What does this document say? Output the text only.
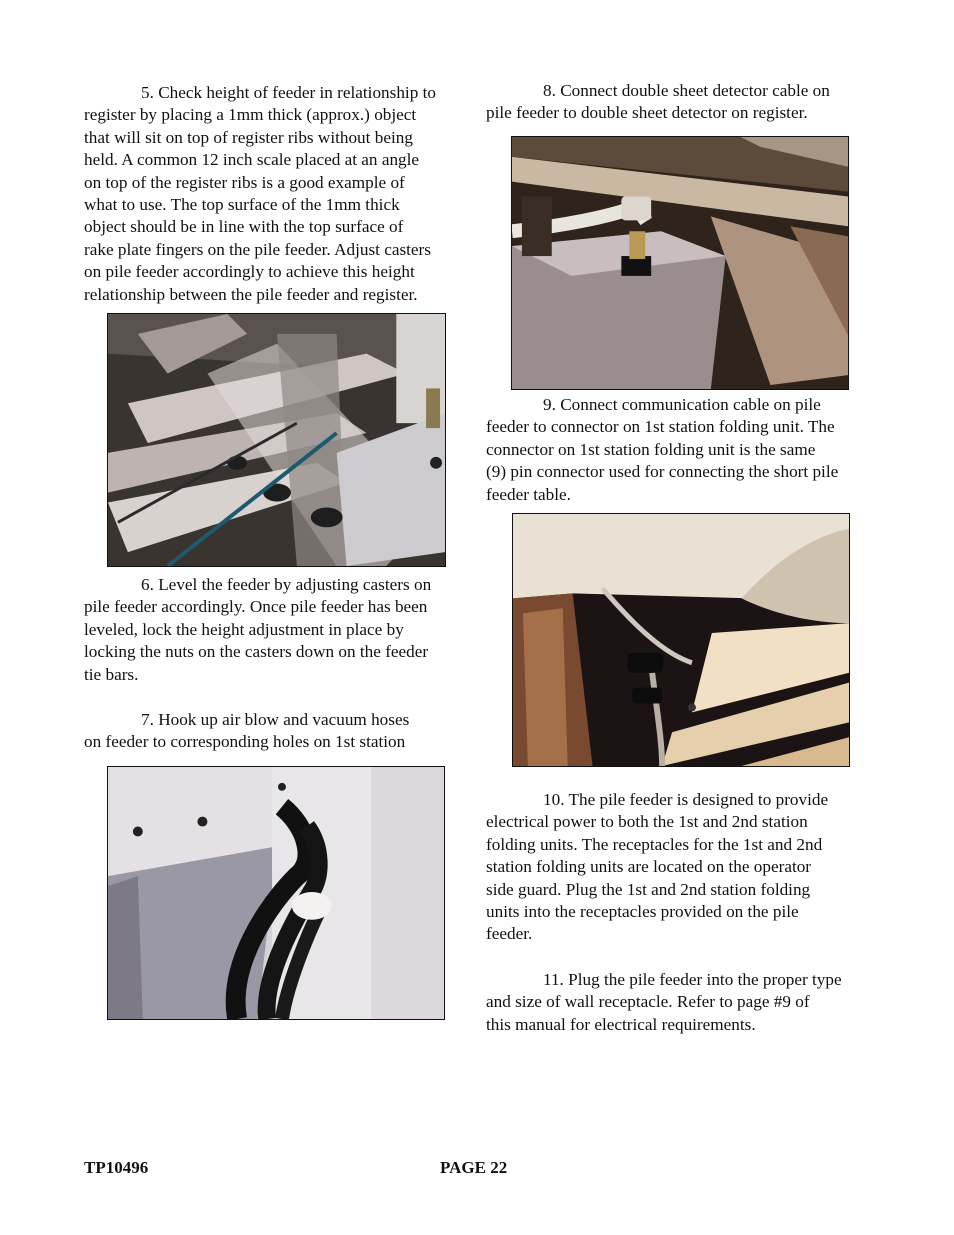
5. Check height of feeder in relationship to
register by placing a 1mm thick (approx.) object
that will sit on top of register ribs without being
held. A common 12 inch scale placed at an angle
on top of the register ribs is a good example of
what to use. The top surface of the 1mm thick
object should be in line with the top surface of
rake plate fingers on the pile feeder. Adjust casters
on pile feeder accordingly to achieve this height
relationship between the pile feeder and register.
6. Level the feeder by adjusting casters on
pile feeder accordingly. Once pile feeder has been
leveled, lock the height adjustment in place by
locking the nuts on the casters down on the feeder
tie bars.
7. Hook up air blow and vacuum hoses
on feeder to corresponding holes on 1st station
8. Connect double sheet detector cable on
pile feeder to double sheet detector on register.
9. Connect communication cable on pile
feeder to connector on 1st station folding unit. The
connector on 1st station folding unit is the same
(9) pin connector used for connecting the short pile
feeder table.
10. The pile feeder is designed to provide
electrical power to both the 1st and 2nd station
folding units. The receptacles for the 1st and 2nd
station folding units are located on the operator
side guard. Plug the 1st and 2nd station folding
units into the receptacles provided on the pile
feeder.
11. Plug the pile feeder into the proper type
and size of wall receptacle. Refer to page #9 of
this manual for electrical requirements.
TP10496	PAGE 22
